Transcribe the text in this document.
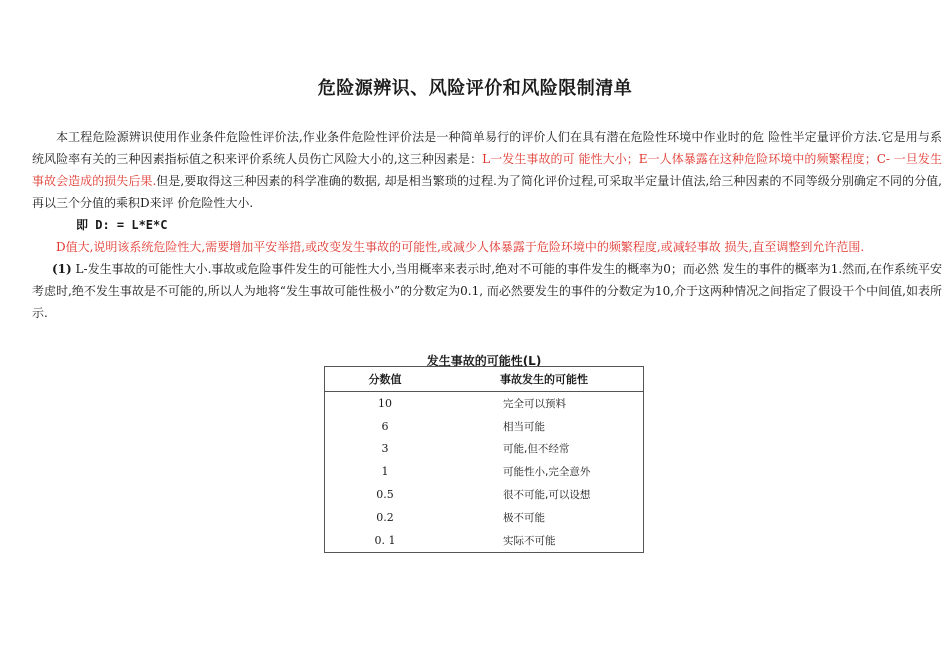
危险源辨识、风险评价和风险限制清单

本工程危险源辨识使用作业条件危险性评价法,作业条件危险性评价法是一种简单易行的评价人们在具有潜在危险性环境中作业时的危 险性半定量评价方法.它是用与系统风险率有关的三种因素指标值之积来评价系统人员伤亡风险大小的,这三种因素是：L一发生事故的可 能性大小；E一人体暴露在这种危险环境中的频繁程度；C- 一旦发生事故会造成的损失后果.但是,要取得这三种因素的科学准确的数据, 却是相当繁琐的过程.为了简化评价过程,可采取半定量计值法,给三种因素的不同等级分别确定不同的分值,再以三个分值的乘积D来评 价危险性大小.

即 D: = L*E*C

D值大,说明该系统危险性大,需要增加平安举措,或改变发生事故的可能性,或减少人体暴露于危险环境中的频繁程度,或减轻事故 损失,直至调整到允许范围.

(1) L-发生事故的可能性大小.事故或危险事件发生的可能性大小,当用概率来表示时,绝对不可能的事件发生的概率为0；而必然 发生的事件的概率为1.然而,在作系统平安考虑时,绝不发生事故是不可能的,所以人为地将“发生事故可能性极小”的分数定为0.1, 而必然要发生的事件的分数定为10,介于这两种情况之间指定了假设干个中间值,如表所示.

发生事故的可能性(L)
分数值	事故发生的可能性
10	完全可以预料
6	相当可能
3	可能,但不经常
1	可能性小,完全意外
0.5	很不可能,可以设想
0.2	极不可能
0. 1	实际不可能
